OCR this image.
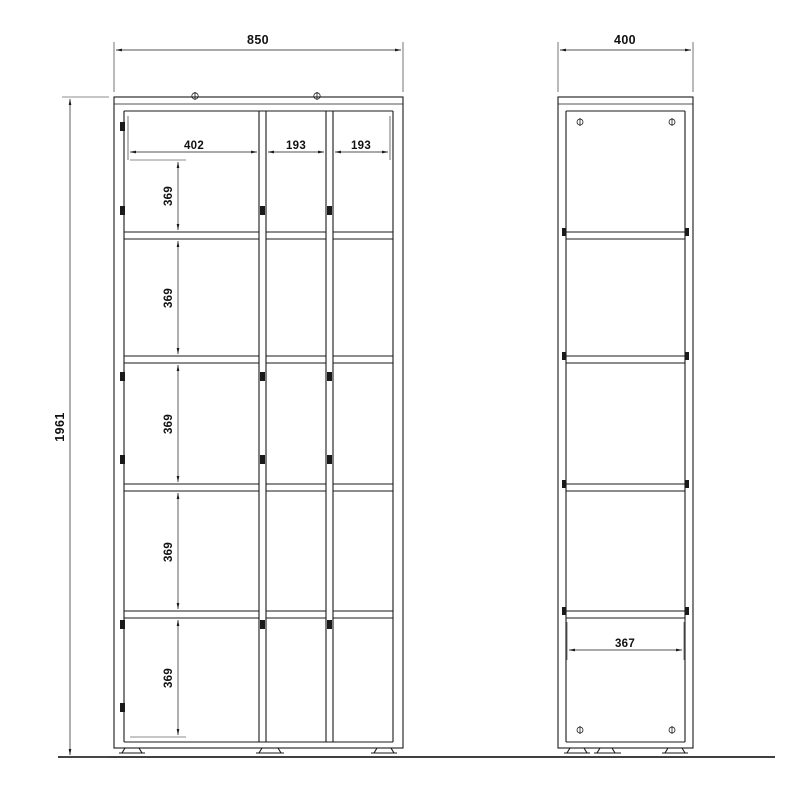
850
1961
402	193	193
369
369
369
369
369
400
367
